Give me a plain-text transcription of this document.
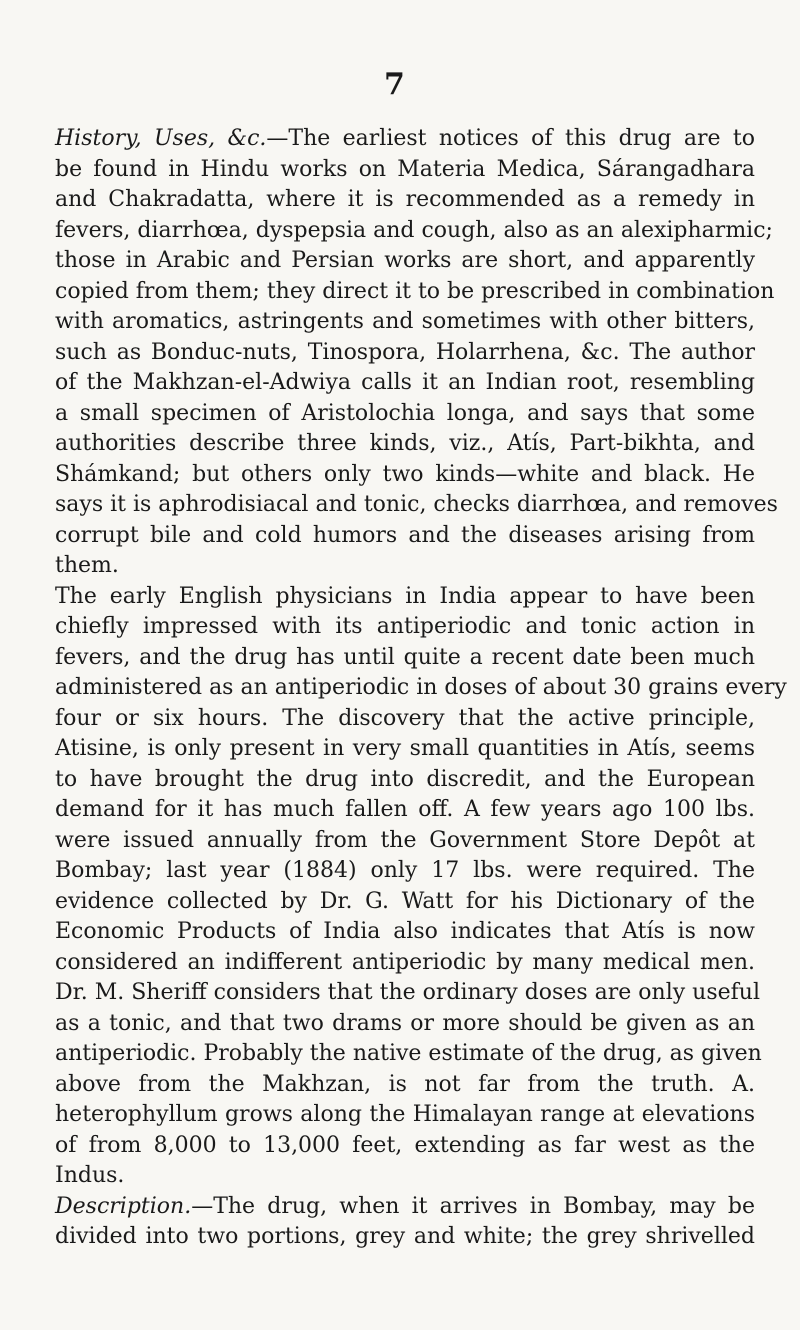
7
History, Uses, &c.—The earliest notices of this drug are to
be found in Hindu works on Materia Medica, Sárangadhara
and Chakradatta, where it is recommended as a remedy in
fevers, diarrhœa, dyspepsia and cough, also as an alexipharmic;
those in Arabic and Persian works are short, and apparently
copied from them; they direct it to be prescribed in combination
with aromatics, astringents and sometimes with other bitters,
such as Bonduc-nuts, Tinospora, Holarrhena, &c. The author
of the Makhzan-el-Adwiya calls it an Indian root, resembling
a small specimen of Aristolochia longa, and says that some
authorities describe three kinds, viz., Atís, Part-bikhta, and
Shámkand; but others only two kinds—white and black. He
says it is aphrodisiacal and tonic, checks diarrhœa, and removes
corrupt bile and cold humors and the diseases arising from
them.
The early English physicians in India appear to have been
chiefly impressed with its antiperiodic and tonic action in
fevers, and the drug has until quite a recent date been much
administered as an antiperiodic in doses of about 30 grains every
four or six hours. The discovery that the active principle,
Atisine, is only present in very small quantities in Atís, seems
to have brought the drug into discredit, and the European
demand for it has much fallen off. A few years ago 100 lbs.
were issued annually from the Government Store Depôt at
Bombay; last year (1884) only 17 lbs. were required. The
evidence collected by Dr. G. Watt for his Dictionary of the
Economic Products of India also indicates that Atís is now
considered an indifferent antiperiodic by many medical men.
Dr. M. Sheriff considers that the ordinary doses are only useful
as a tonic, and that two drams or more should be given as an
antiperiodic. Probably the native estimate of the drug, as given
above from the Makhzan, is not far from the truth. A.
heterophyllum grows along the Himalayan range at elevations
of from 8,000 to 13,000 feet, extending as far west as the
Indus.
Description.—The drug, when it arrives in Bombay, may be
divided into two portions, grey and white; the grey shrivelled
